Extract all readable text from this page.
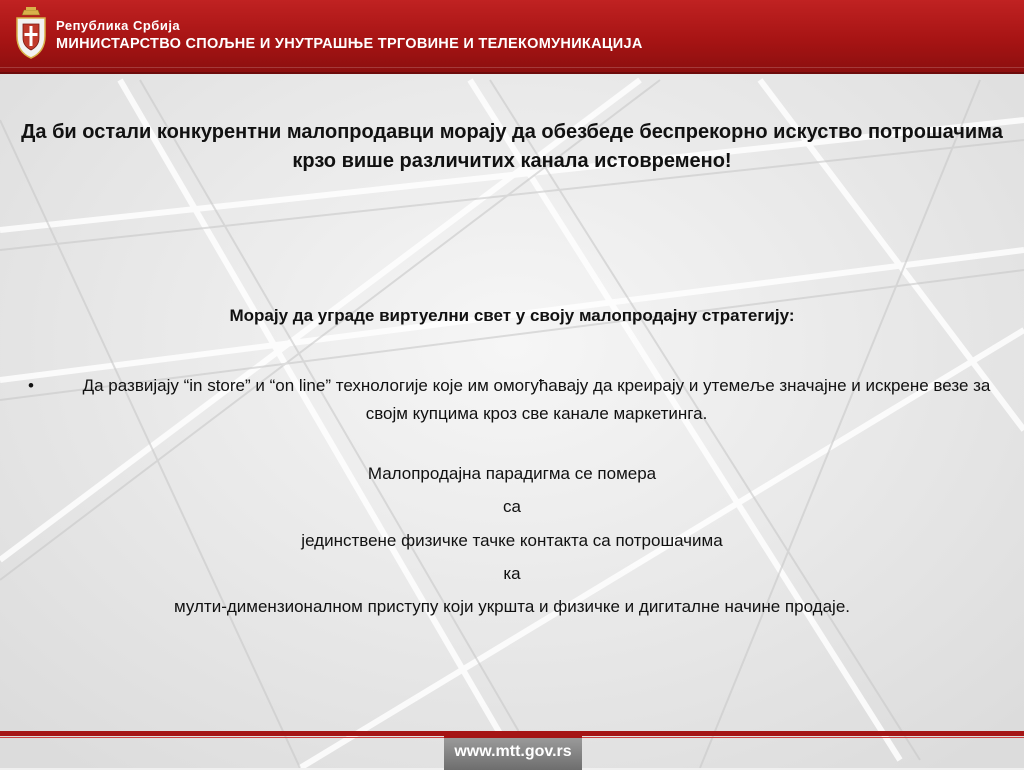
Република Србија
МИНИСТАРСТВО СПОЉНЕ И УНУТРАШЊЕ ТРГОВИНЕ И ТЕЛЕКОМУНИКАЦИЈА
Да би остали конкурентни малопродавци морају да обезбеде беспрекорно искуство потрошачима крзо више различитих канала истовремено!
Морају да уграде виртуелни свет у своју малопродајну стратегију:
•	Да развијају “in store” и “on line” технологије које им омогућавају да креирају и утемеље значајне и искрене везе за својм купцима кроз све канале маркетинга.
Малопродајна парадигма се помера
са
јединствене физичке тачке контакта са потрошачима
ка
мулти-димензионалном приступу који укршта и физичке и дигиталне начине продаје.
www.mtt.gov.rs
